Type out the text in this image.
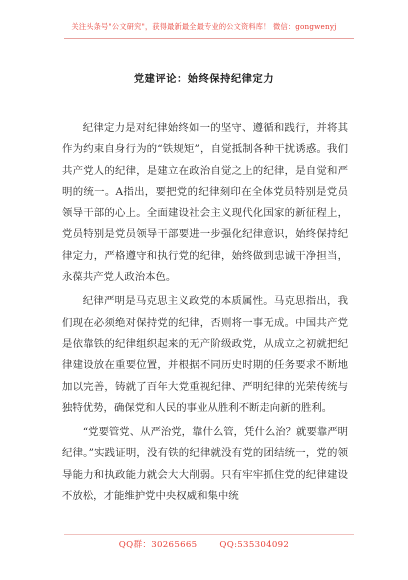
关注头条号"公文研究"，获得最新最全最专业的公文资料库！ 微信：gongwenyj
党建评论：始终保持纪律定力

纪律定力是对纪律始终如一的坚守、遵循和践行，并将其作为约束自身行为的“铁规矩”，自觉抵制各种干扰诱惑。我们共产党人的纪律，是建立在政治自觉之上的纪律，是自觉和严明的统一。A指出，要把党的纪律刻印在全体党员特别是党员领导干部的心上。全面建设社会主义现代化国家的新征程上，党员特别是党员领导干部要进一步强化纪律意识，始终保持纪律定力，严格遵守和执行党的纪律，始终做到忠诚干净担当，永葆共产党人政治本色。

纪律严明是马克思主义政党的本质属性。马克思指出，我们现在必须绝对保持党的纪律，否则将一事无成。中国共产党是依靠铁的纪律组织起来的无产阶级政党，从成立之初就把纪律建设放在重要位置，并根据不同历史时期的任务要求不断地加以完善，铸就了百年大党重视纪律、严明纪律的光荣传统与独特优势，确保党和人民的事业从胜利不断走向新的胜利。

“党要管党、从严治党，靠什么管，凭什么治？就要靠严明纪律。”实践证明，没有铁的纪律就没有党的团结统一，党的领导能力和执政能力就会大大削弱。只有牢牢抓住党的纪律建设不放松，才能维护党中央权威和集中统

QQ群：30265665	QQ:535304092
